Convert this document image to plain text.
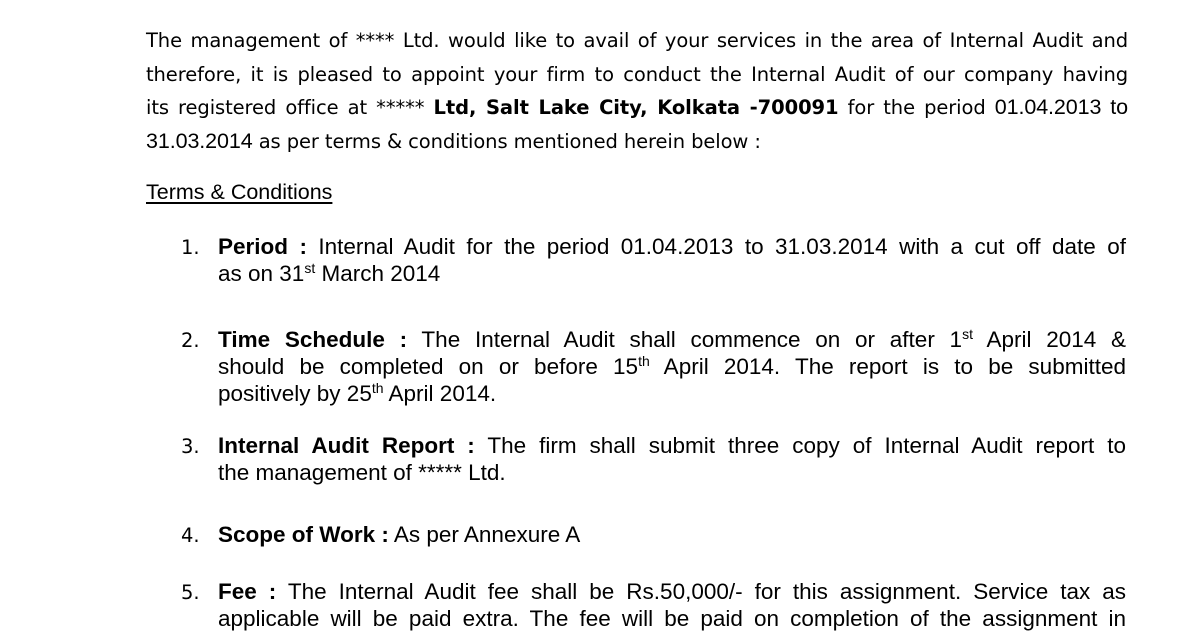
The management of **** Ltd. would like to avail of your services in the area of Internal Audit and
therefore, it is pleased to appoint your firm to conduct the Internal Audit of our company having
its registered office at ***** Ltd, Salt Lake City, Kolkata -700091 for the period 01.04.2013 to
31.03.2014 as per terms & conditions mentioned herein below :
Terms & Conditions
1. Period : Internal Audit for the period 01.04.2013 to 31.03.2014 with a cut off date of
as on 31st March 2014
2. Time Schedule : The Internal Audit shall commence on or after 1st April 2014 &
should be completed on or before 15th April 2014. The report is to be submitted
positively by 25th April 2014.
3. Internal Audit Report : The firm shall submit three copy of Internal Audit report to
the management of ***** Ltd.
4. Scope of Work : As per Annexure A
5. Fee : The Internal Audit fee shall be Rs.50,000/- for this assignment. Service tax as
applicable will be paid extra. The fee will be paid on completion of the assignment in
